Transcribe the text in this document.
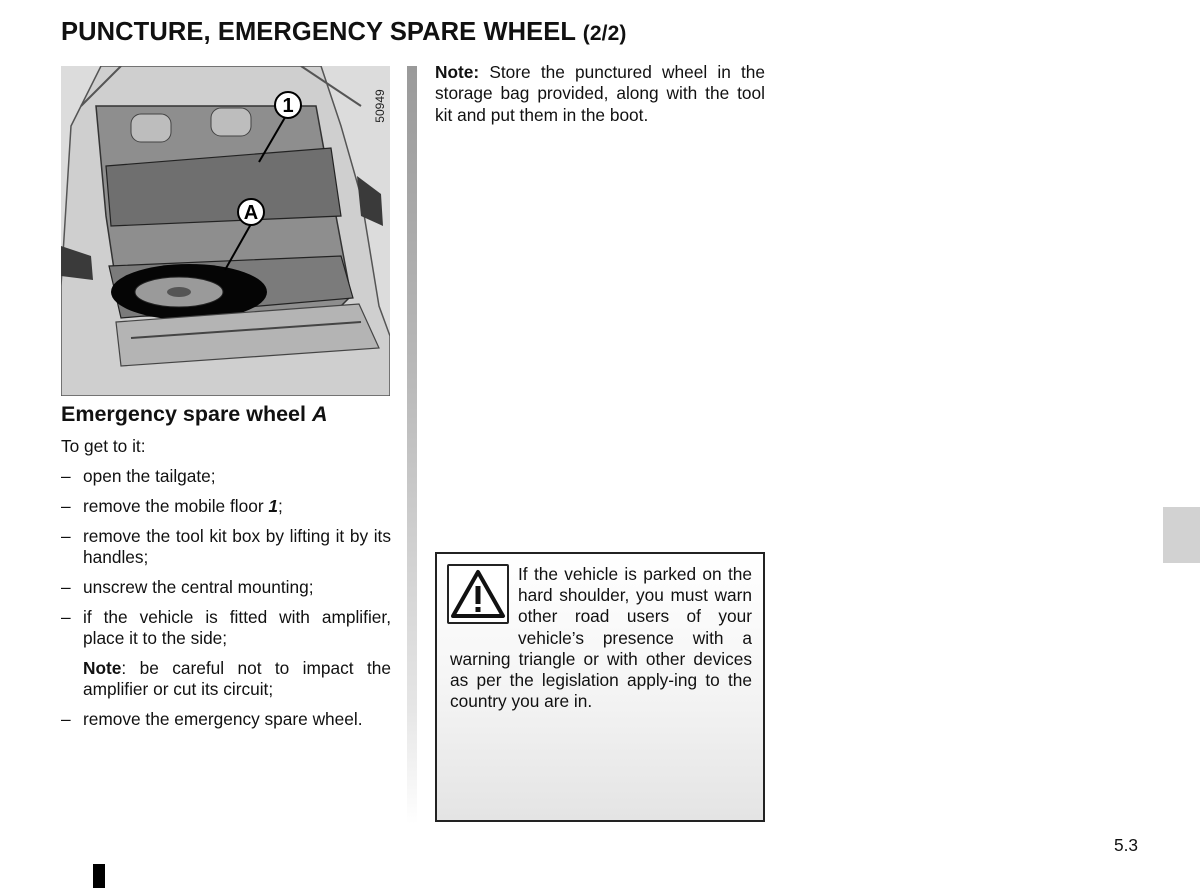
PUNCTURE, EMERGENCY SPARE WHEEL (2/2)
1
A
50949
Emergency spare wheel A

To get to it:

– open the tailgate;
– remove the mobile floor 1;
– remove the tool kit box by lifting it by its handles;
– unscrew the central mounting;
– if the vehicle is fitted with amplifier, place it to the side;
Note: be careful not to impact the amplifier or cut its circuit;
– remove the emergency spare wheel.

Note: Store the punctured wheel in the storage bag provided, along with the tool kit and put them in the boot.

If the vehicle is parked on the hard shoulder, you must warn other road users of your vehicle’s presence with a warning triangle or with other devices as per the legislation apply-ing to the country you are in.
5.3
